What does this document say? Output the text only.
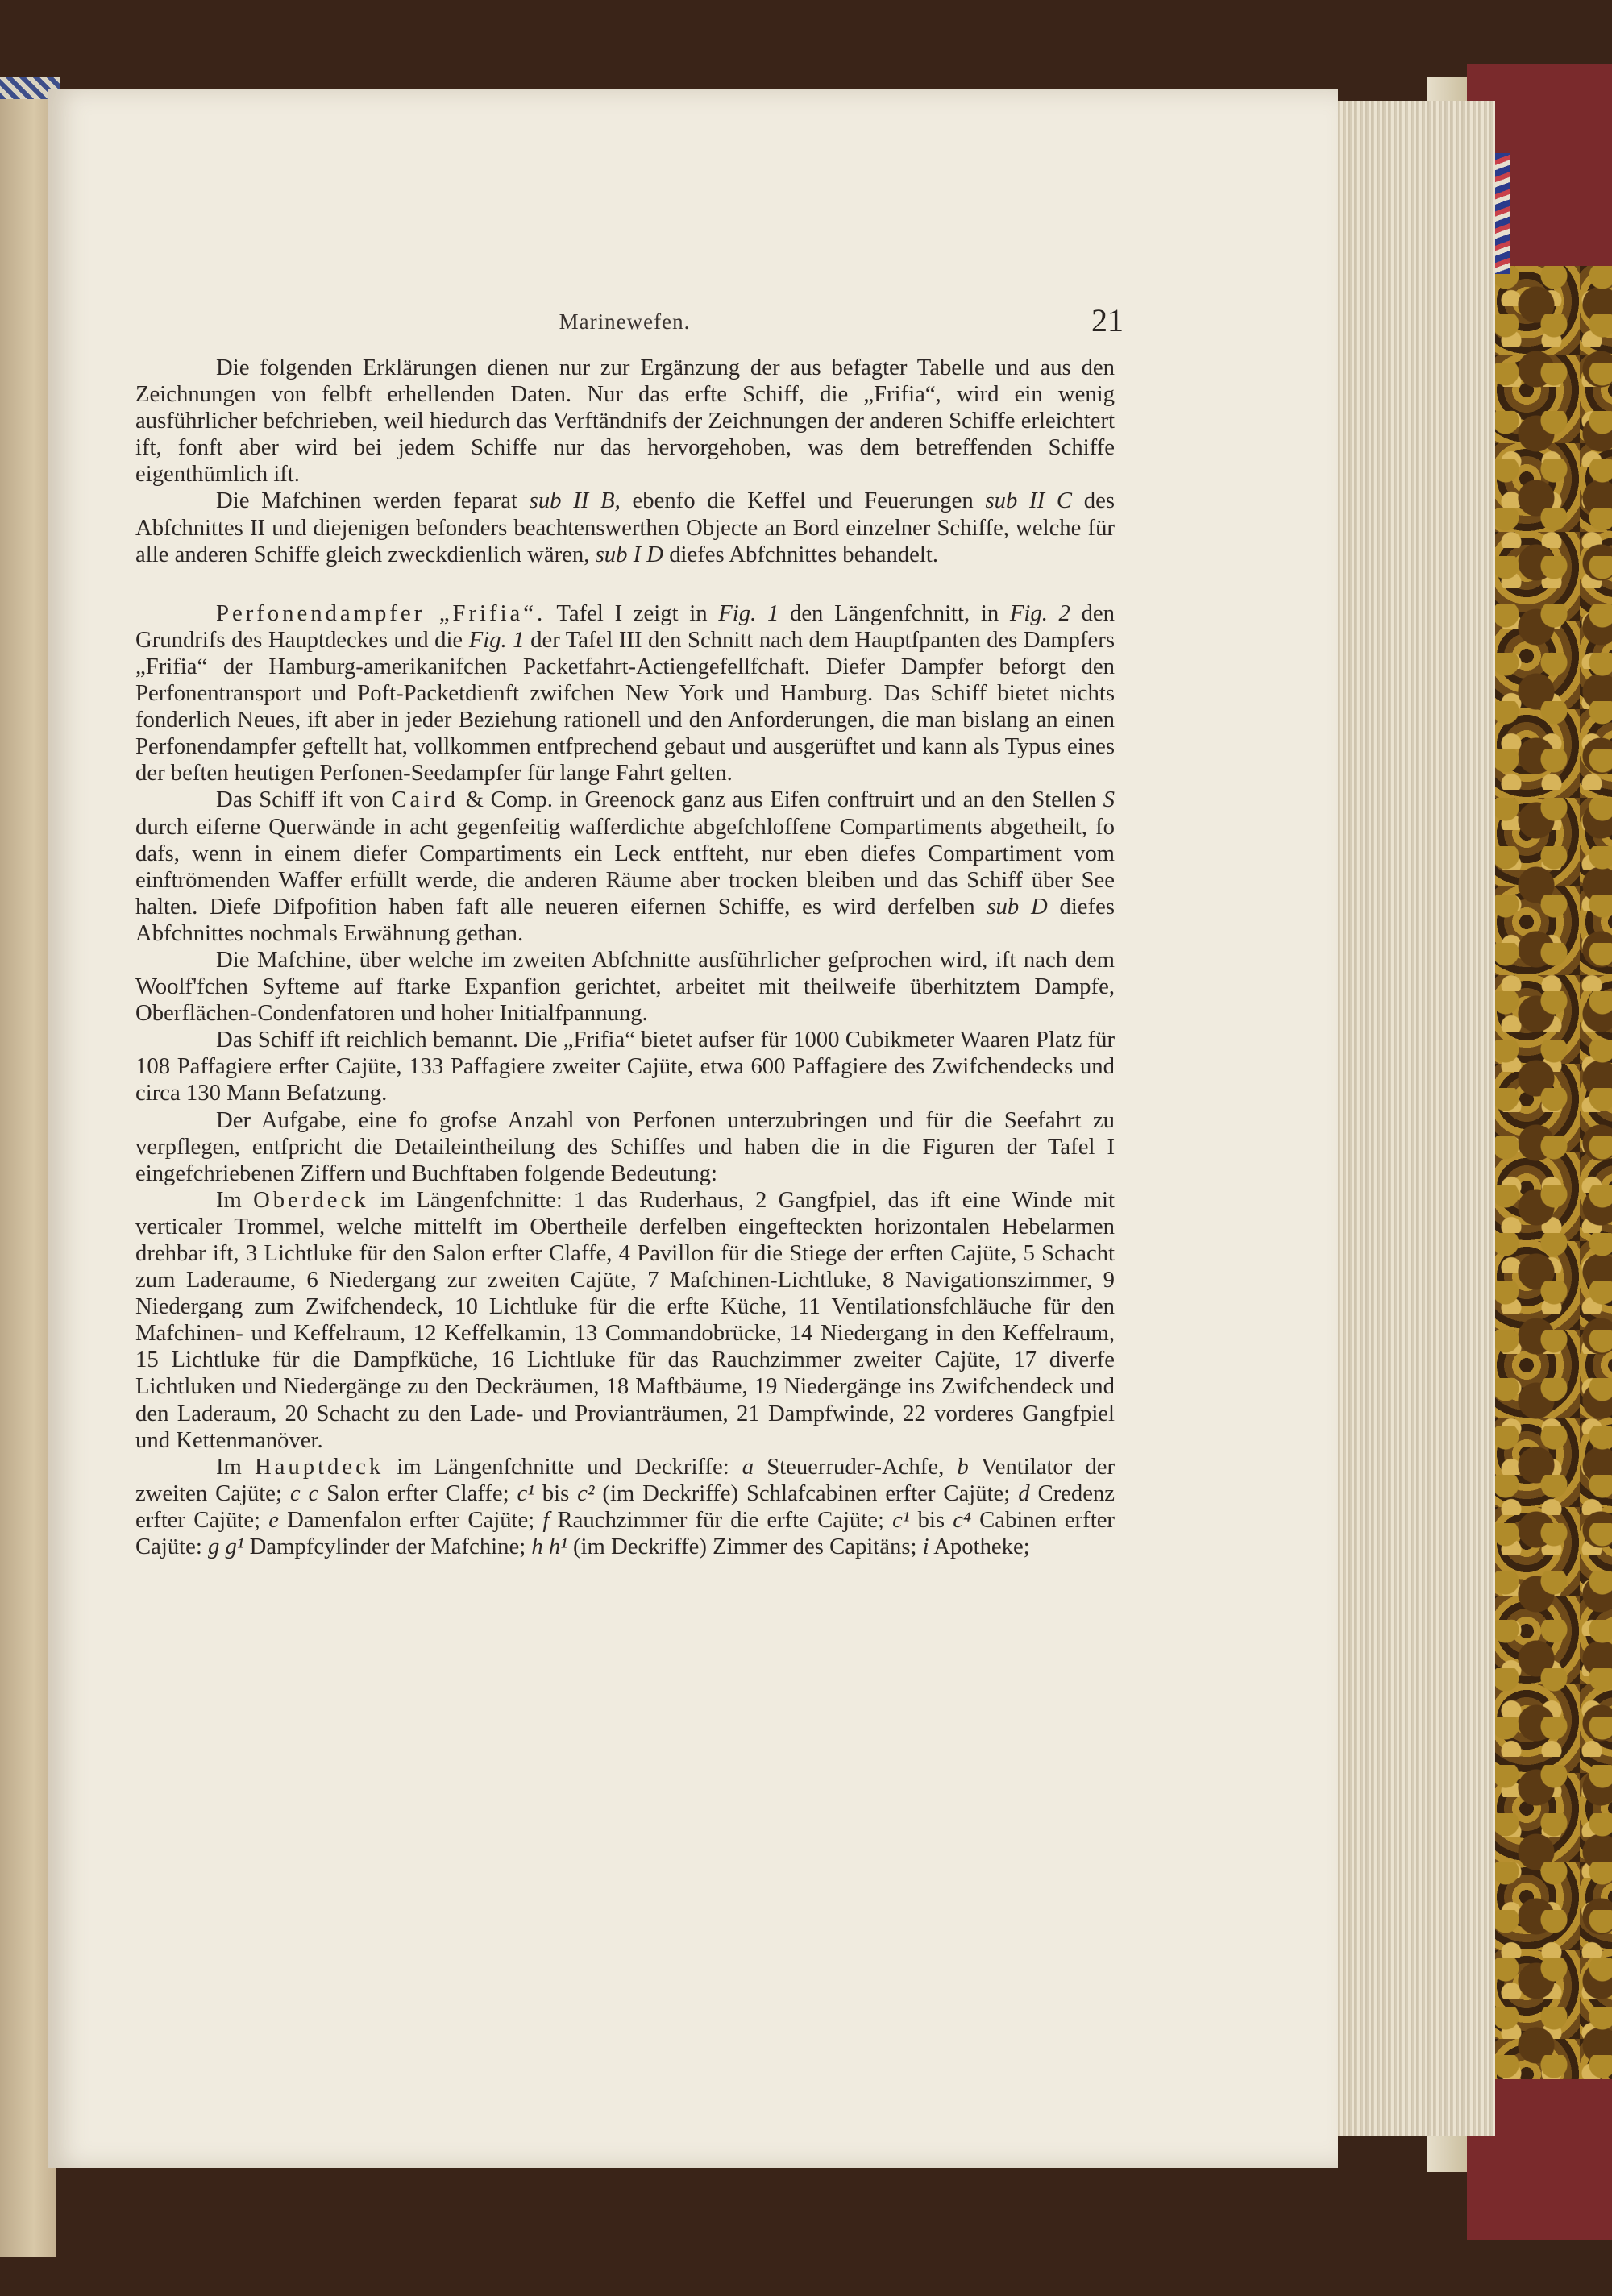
Marinewefen.	21

Die folgenden Erklärungen dienen nur zur Ergänzung der aus befagter Tabelle und aus den Zeichnungen von felbft erhellenden Daten. Nur das erfte Schiff, die „Frifia“, wird ein wenig ausführlicher befchrieben, weil hiedurch das Verftändnifs der Zeichnungen der anderen Schiffe erleichtert ift, fonft aber wird bei jedem Schiffe nur das hervorgehoben, was dem betreffenden Schiffe eigenthümlich ift.

Die Mafchinen werden feparat sub II B, ebenfo die Keffel und Feuerungen sub II C des Abfchnittes II und diejenigen befonders beachtenswerthen Objecte an Bord einzelner Schiffe, welche für alle anderen Schiffe gleich zweckdienlich wären, sub I D diefes Abfchnittes behandelt.

Perfonendampfer „Frifia“. Tafel I zeigt in Fig. 1 den Längenfchnitt, in Fig. 2 den Grundrifs des Hauptdeckes und die Fig. 1 der Tafel III den Schnitt nach dem Hauptfpanten des Dampfers „Frifia“ der Hamburg-amerikanifchen Packetfahrt-Actiengefellfchaft. Diefer Dampfer beforgt den Perfonentransport und Poft-Packetdienft zwifchen New York und Hamburg. Das Schiff bietet nichts fonderlich Neues, ift aber in jeder Beziehung rationell und den Anforderungen, die man bislang an einen Perfonendampfer geftellt hat, vollkommen entfprechend gebaut und ausgerüftet und kann als Typus eines der beften heutigen Perfonen-Seedampfer für lange Fahrt gelten.

Das Schiff ift von Caird & Comp. in Greenock ganz aus Eifen conftruirt und an den Stellen S durch eiferne Querwände in acht gegenfeitig wafferdichte abgefchloffene Compartiments abgetheilt, fo dafs, wenn in einem diefer Compartiments ein Leck entfteht, nur eben diefes Compartiment vom einftrömenden Waffer erfüllt werde, die anderen Räume aber trocken bleiben und das Schiff über See halten. Diefe Difpofition haben faft alle neueren eifernen Schiffe, es wird derfelben sub D diefes Abfchnittes nochmals Erwähnung gethan.

Die Mafchine, über welche im zweiten Abfchnitte ausführlicher gefprochen wird, ift nach dem Woolf'fchen Syfteme auf ftarke Expanfion gerichtet, arbeitet mit theilweife überhitztem Dampfe, Oberflächen-Condenfatoren und hoher Initialfpannung.

Das Schiff ift reichlich bemannt. Die „Frifia“ bietet aufser für 1000 Cubikmeter Waaren Platz für 108 Paffagiere erfter Cajüte, 133 Paffagiere zweiter Cajüte, etwa 600 Paffagiere des Zwifchendecks und circa 130 Mann Befatzung.

Der Aufgabe, eine fo grofse Anzahl von Perfonen unterzubringen und für die Seefahrt zu verpflegen, entfpricht die Detaileintheilung des Schiffes und haben die in die Figuren der Tafel I eingefchriebenen Ziffern und Buchftaben folgende Bedeutung:

Im Oberdeck im Längenfchnitte: 1 das Ruderhaus, 2 Gangfpiel, das ift eine Winde mit verticaler Trommel, welche mittelft im Obertheile derfelben eingefteckten horizontalen Hebelarmen drehbar ift, 3 Lichtluke für den Salon erfter Claffe, 4 Pavillon für die Stiege der erften Cajüte, 5 Schacht zum Laderaume, 6 Niedergang zur zweiten Cajüte, 7 Mafchinen-Lichtluke, 8 Navigationszimmer, 9 Niedergang zum Zwifchendeck, 10 Lichtluke für die erfte Küche, 11 Ventilationsfchläuche für den Mafchinen- und Keffelraum, 12 Keffelkamin, 13 Commandobrücke, 14 Niedergang in den Keffelraum, 15 Lichtluke für die Dampfküche, 16 Lichtluke für das Rauchzimmer zweiter Cajüte, 17 diverfe Lichtluken und Niedergänge zu den Deckräumen, 18 Maftbäume, 19 Niedergänge ins Zwifchendeck und den Laderaum, 20 Schacht zu den Lade- und Provianträumen, 21 Dampfwinde, 22 vorderes Gangfpiel und Kettenmanöver.

Im Hauptdeck im Längenfchnitte und Deckriffe: a Steuerruder-Achfe, b Ventilator der zweiten Cajüte; c c Salon erfter Claffe; c¹ bis c² (im Deckriffe) Schlafcabinen erfter Cajüte; d Credenz erfter Cajüte; e Damenfalon erfter Cajüte; f Rauchzimmer für die erfte Cajüte; c¹ bis c⁴ Cabinen erfter Cajüte: g g¹ Dampfcylinder der Mafchine; h h¹ (im Deckriffe) Zimmer des Capitäns; i Apotheke;
